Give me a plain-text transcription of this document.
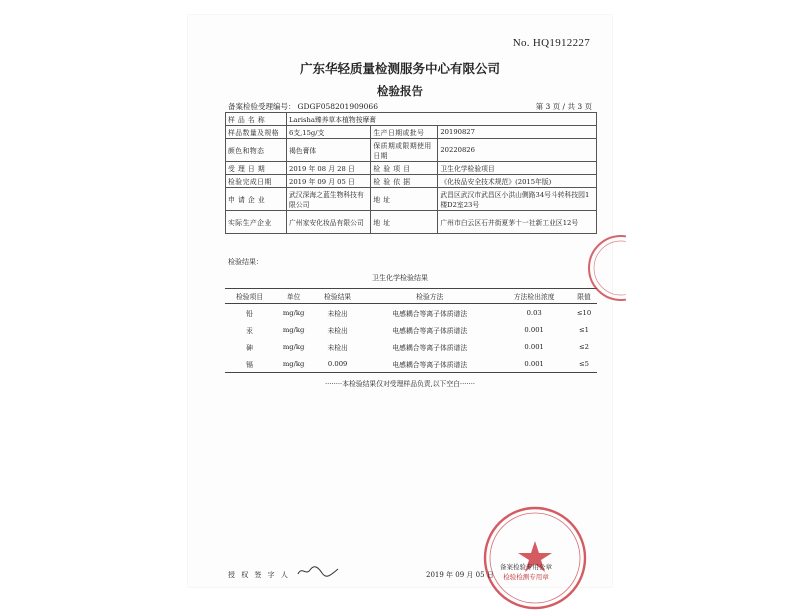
No. HQ1912227
广东华轻质量检测服务中心有限公司
检验报告
备案检验受理编号： GDGF058201909066	第 3 页 / 共 3 页
样 品 名 称	Larisha臻养草本植物按摩膏		
样品数量及规格	6支,15g/支	生产日期或批号	20190827
颜色和物态	褐色膏体	保质期或限期使用日期	20220826
受 理 日 期	2019 年 08 月 28 日	检 验 项 目	卫生化学检验项目
检验完成日期	2019 年 09 月 05 日	检 验 依 据	《化妆品安全技术规范》(2015年版)
申 请 企 业	武汉深海之蓝生物科技有限公司	地 址	武昌区武汉市武昌区小洪山侧路34号斗转科技园1楼D2室23号
实际生产企业	广州家安化妆品有限公司	地 址	广州市白云区石井街夏茅十一社新工业区12号
检验结果：
卫生化学检验结果
检验项目	单位	检验结果	检验方法	方法检出浓度	限值
铅	mg/kg	未检出	电感耦合等离子体质谱法	0.03	≤10
汞	mg/kg	未检出	电感耦合等离子体质谱法	0.001	≤1
砷	mg/kg	未检出	电感耦合等离子体质谱法	0.001	≤2
镉	mg/kg	0.009	电感耦合等离子体质谱法	0.001	≤5
········本检验结果仅对受理样品负责,以下空白·······
授 权 签 字 人	2019 年 09 月 05 日
备案检验专用公章
检验检测专用章
